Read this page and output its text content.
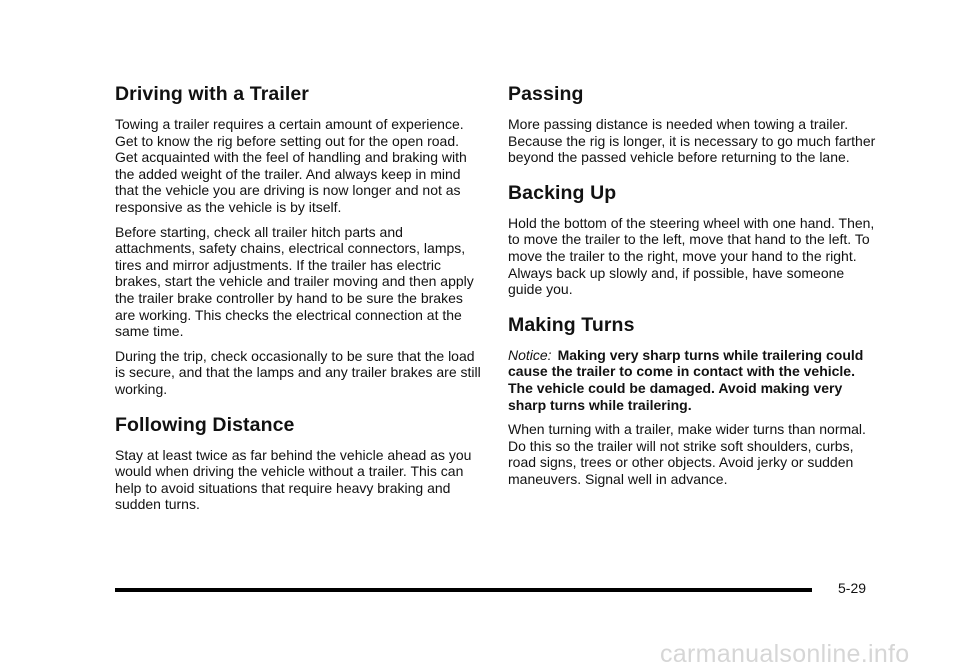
Driving with a Trailer

Towing a trailer requires a certain amount of experience. Get to know the rig before setting out for the open road. Get acquainted with the feel of handling and braking with the added weight of the trailer. And always keep in mind that the vehicle you are driving is now longer and not as responsive as the vehicle is by itself.

Before starting, check all trailer hitch parts and attachments, safety chains, electrical connectors, lamps, tires and mirror adjustments. If the trailer has electric brakes, start the vehicle and trailer moving and then apply the trailer brake controller by hand to be sure the brakes are working. This checks the electrical connection at the same time.

During the trip, check occasionally to be sure that the load is secure, and that the lamps and any trailer brakes are still working.

Following Distance

Stay at least twice as far behind the vehicle ahead as you would when driving the vehicle without a trailer. This can help to avoid situations that require heavy braking and sudden turns.

Passing

More passing distance is needed when towing a trailer. Because the rig is longer, it is necessary to go much farther beyond the passed vehicle before returning to the lane.

Backing Up

Hold the bottom of the steering wheel with one hand. Then, to move the trailer to the left, move that hand to the left. To move the trailer to the right, move your hand to the right. Always back up slowly and, if possible, have someone guide you.

Making Turns

Notice: Making very sharp turns while trailering could cause the trailer to come in contact with the vehicle. The vehicle could be damaged. Avoid making very sharp turns while trailering.

When turning with a trailer, make wider turns than normal. Do this so the trailer will not strike soft shoulders, curbs, road signs, trees or other objects. Avoid jerky or sudden maneuvers. Signal well in advance.

5-29
carmanualsonline.info
